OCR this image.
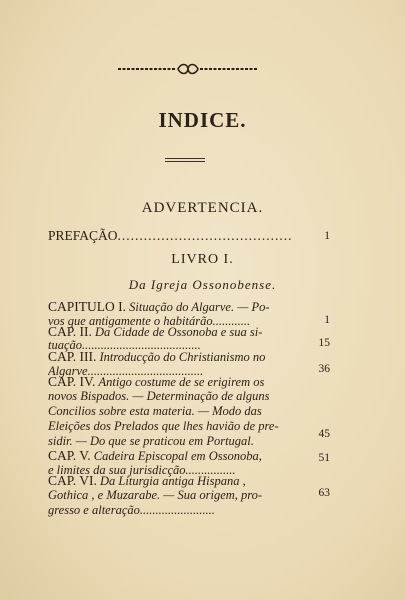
INDICE.
ADVERTENCIA.
PREFAÇÃO........................................	1
LIVRO I.
Da Igreja Ossonobense.
CAPITULO I. Situação do Algarve. — Po-
vos que antigamente o habitárão............	1
CAP. II. Da Cidade de Ossonoba e sua si-
tuação......................................	15
CAP. III. Introducção do Christianismo no
Algarve.....................................	36
CAP. IV. Antigo costume de se erigirem os
novos Bispados. — Determinação de alguns
Concilios sobre esta materia. — Modo das
Eleições dos Prelados que lhes havião de pre-
sidir. — Do que se praticou em Portugal.	45
CAP. V. Cadeira Episcopal em Ossonoba,
e limites da sua jurisdicção................
51
CAP. VI. Da Liturgia antiga Hispana ,
Gothica , e Muzarabe. — Sua origem, pro-
gresso e alteração........................
63
